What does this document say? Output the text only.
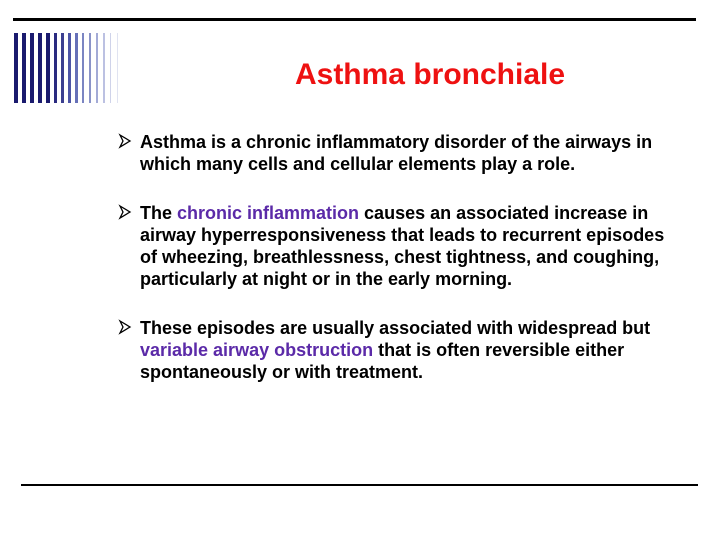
Asthma bronchiale
Asthma is a chronic inflammatory disorder of the airways in which many cells and cellular elements play a role.
The chronic inflammation causes an associated increase in airway hyperresponsiveness that leads to recurrent episodes of wheezing, breathlessness, chest tightness, and coughing, particularly at night or in the early morning.
These episodes are usually associated with widespread but variable airway obstruction that is often reversible either spontaneously or with treatment.
